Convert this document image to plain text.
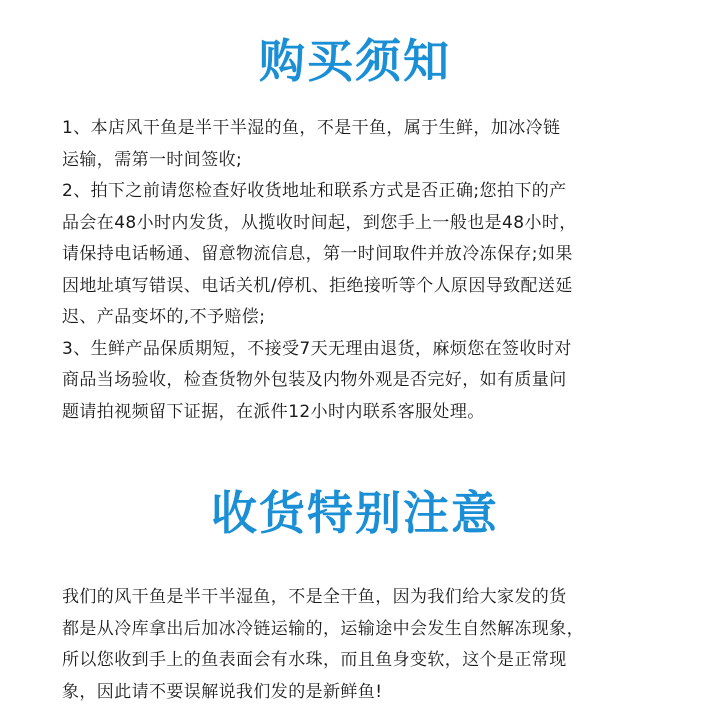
购买须知
1、本店风干鱼是半干半湿的鱼，不是干鱼，属于生鲜，加冰冷链
运输，需第一时间签收;
2、拍下之前请您检查好收货地址和联系方式是否正确;您拍下的产
品会在48小时内发货，从揽收时间起，到您手上一般也是48小时，
请保持电话畅通、留意物流信息，第一时间取件并放冷冻保存;如果
因地址填写错误、电话关机/停机、拒绝接听等个人原因导致配送延
迟、产品变坏的,不予赔偿;
3、生鲜产品保质期短，不接受7天无理由退货，麻烦您在签收时对
商品当场验收，检查货物外包装及内物外观是否完好，如有质量问
题请拍视频留下证据，在派件12小时内联系客服处理。
收货特别注意
我们的风干鱼是半干半湿鱼，不是全干鱼，因为我们给大家发的货
都是从冷库拿出后加冰冷链运输的，运输途中会发生自然解冻现象，
所以您收到手上的鱼表面会有水珠，而且鱼身变软，这个是正常现
象，因此请不要误解说我们发的是新鲜鱼!
